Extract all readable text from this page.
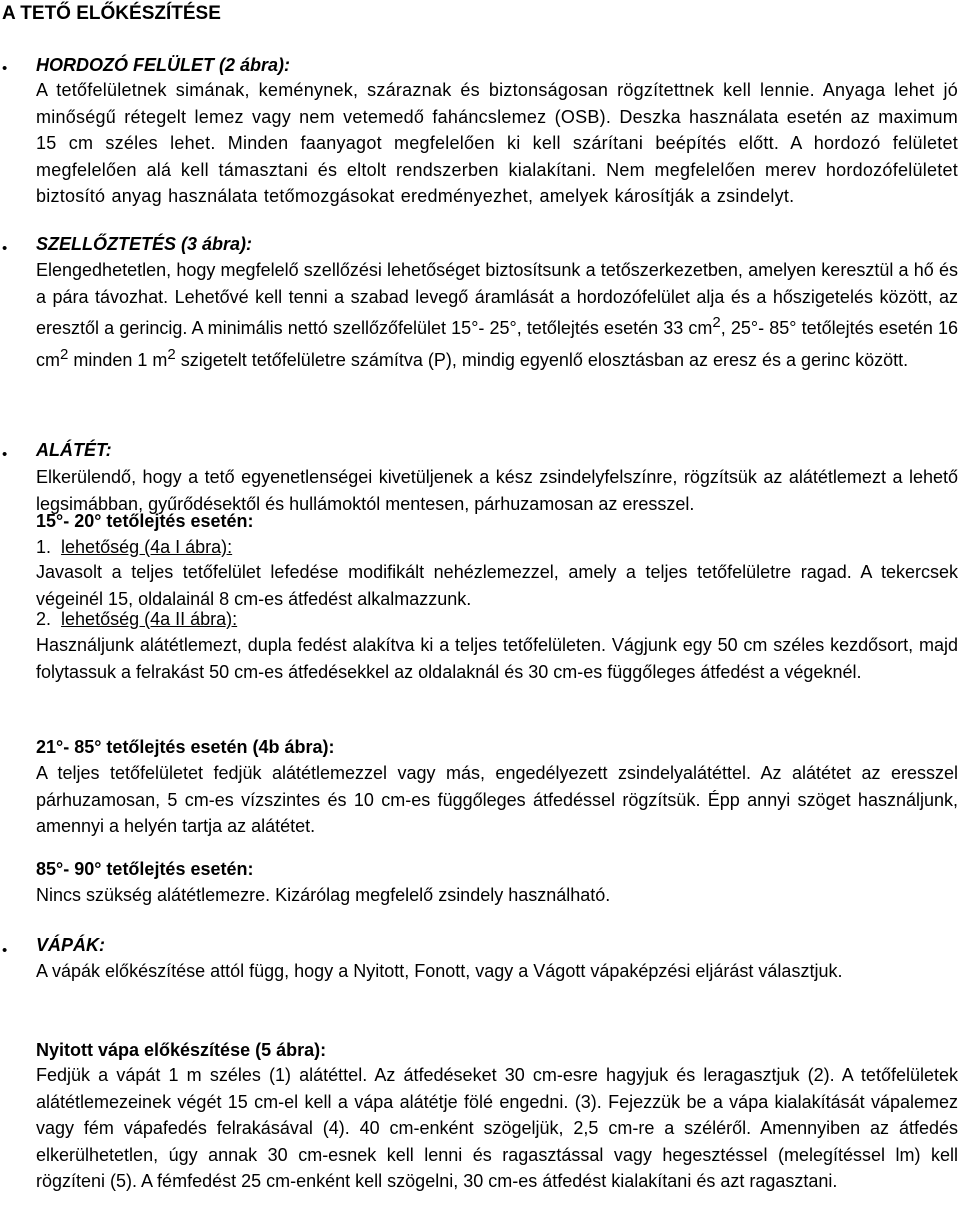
A TETŐ ELŐKÉSZÍTÉSE
• HORDOZÓ FELÜLET (2 ábra):

A tetőfelületnek simának, keménynek, száraznak és biztonságosan rögzítettnek kell lennie. Anyaga lehet jó minőségű rétegelt lemez vagy nem vetemedő faháncslemez (OSB). Deszka használata esetén az maximum 15 cm széles lehet. Minden faanyagot megfelelően ki kell szárítani beépítés előtt. A hordozó felületet megfelelően alá kell támasztani és eltolt rendszerben kialakítani. Nem megfelelően merev hordozófelületet biztosító anyag használata tetőmozgásokat eredményezhet, amelyek károsítják a zsindelyt.

• SZELLŐZTETÉS (3 ábra):

Elengedhetetlen, hogy megfelelő szellőzési lehetőséget biztosítsunk a tetőszerkezetben, amelyen keresztül a hő és a pára távozhat. Lehetővé kell tenni a szabad levegő áramlását a hordozófelület alja és a hőszigetelés között, az eresztől a gerincig. A minimális nettó szellőzőfelület 15°- 25°, tetőlejtés esetén 33 $cm^2$, 25°- 85° tetőlejtés esetén 16 $cm^2$ minden 1 $m^2$ szigetelt tetőfelületre számítva (P), mindig egyenlő elosztásban az eresz és a gerinc között.

• ALÁTÉT:

Elkerülendő, hogy a tető egyenetlenségei kivetüljenek a kész zsindelyfelszínre, rögzítsük az alátétlemezt a lehető legsimábban, gyűrődésektől és hullámoktól mentesen, párhuzamosan az eresszel.

15°- 20° tetőlejtés esetén:
1. lehetőség (4a I ábra):

Javasolt a teljes tetőfelület lefedése modifikált nehézlemezzel, amely a teljes tetőfelületre ragad. A tekercsek végeinél 15, oldalainál 8 cm-es átfedést alkalmazzunk.

2. lehetőség (4a II ábra):

Használjunk alátétlemezt, dupla fedést alakítva ki a teljes tetőfelületen. Vágjunk egy 50 cm széles kezdősort, majd folytassuk a felrakást 50 cm-es átfedésekkel az oldalaknál és 30 cm-es függőleges átfedést a végeknél.

21°- 85° tetőlejtés esetén (4b ábra):

A teljes tetőfelületet fedjük alátétlemezzel vagy más, engedélyezett zsindelyalátéttel. Az alátétet az eresszel párhuzamosan, 5 cm-es vízszintes és 10 cm-es függőleges átfedéssel rögzítsük. Épp annyi szöget használjunk, amennyi a helyén tartja az alátétet.

85°- 90° tetőlejtés esetén:

Nincs szükség alátétlemezre. Kizárólag megfelelő zsindely használható.

• VÁPÁK:

A vápák előkészítése attól függ, hogy a Nyitott, Fonott, vagy a Vágott vápaképzési eljárást választjuk.

Nyitott vápa előkészítése (5 ábra):

Fedjük a vápát 1 m széles (1) alátéttel. Az átfedéseket 30 cm-esre hagyjuk és leragasztjuk (2). A tetőfelületek alátétlemezeinek végét 15 cm-el kell a vápa alátétje fölé engedni. (3). Fejezzük be a vápa kialakítását vápalemez vagy fém vápafedés felrakásával (4). 40 cm-enként szögeljük, 2,5 cm-re a széléről. Amennyiben az átfedés elkerülhetetlen, úgy annak 30 cm-esnek kell lenni és ragasztással vagy hegesztéssel (melegítéssel lm) kell rögzíteni (5). A fémfedést 25 cm-enként kell szögelni, 30 cm-es átfedést kialakítani és azt ragasztani.
